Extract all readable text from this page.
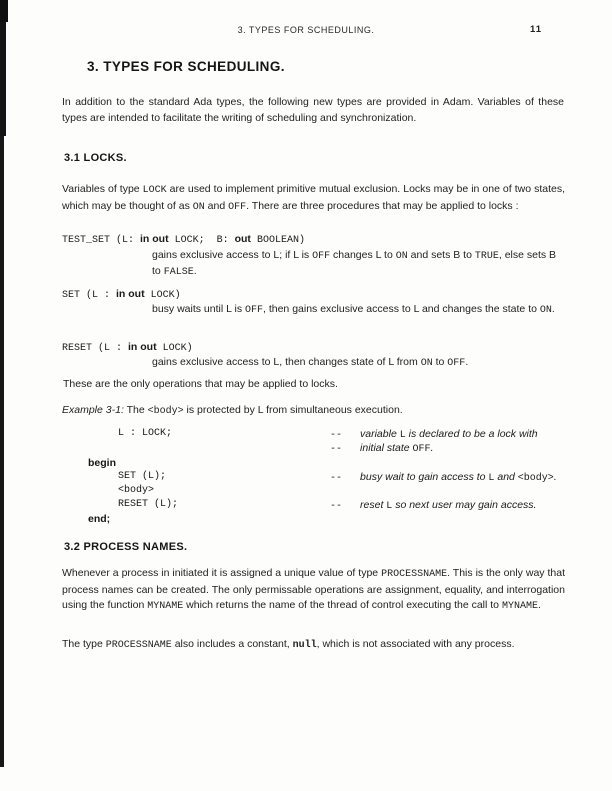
3. TYPES FOR SCHEDULING.	11
3. TYPES FOR SCHEDULING.
In addition to the standard Ada types, the following new types are provided in Adam. Variables of these types are intended to facilitate the writing of scheduling and synchronization.
3.1 LOCKS.
Variables of type LOCK are used to implement primitive mutual exclusion. Locks may be in one of two states, which may be thought of as ON and OFF. There are three procedures that may be applied to locks :
TEST_SET (L: in out LOCK;  B: out BOOLEAN)
gains exclusive access to L; if L is OFF changes L to ON and sets B to TRUE, else sets B to FALSE.
SET (L : in out LOCK)
busy waits until L is OFF, then gains exclusive access to L and changes the state to ON.
RESET (L : in out LOCK)
gains exclusive access to L, then changes state of L from ON to OFF.
These are the only operations that may be applied to locks.
Example 3-1: The <body> is protected by L from simultaneous execution.
L : LOCK;	--   variable L is declared to be a lock with
--   initial state OFF.
begin
SET (L);	--   busy wait to gain access to L and <body>.
<body>
RESET (L);	--   reset L so next user may gain access.
end;
3.2 PROCESS NAMES.
Whenever a process in initiated it is assigned a unique value of type PROCESSNAME. This is the only way that process names can be created. The only permissable operations are assignment, equality, and interrogation using the function MYNAME which returns the name of the thread of control executing the call to MYNAME.
The type PROCESSNAME also includes a constant, null, which is not associated with any process.
